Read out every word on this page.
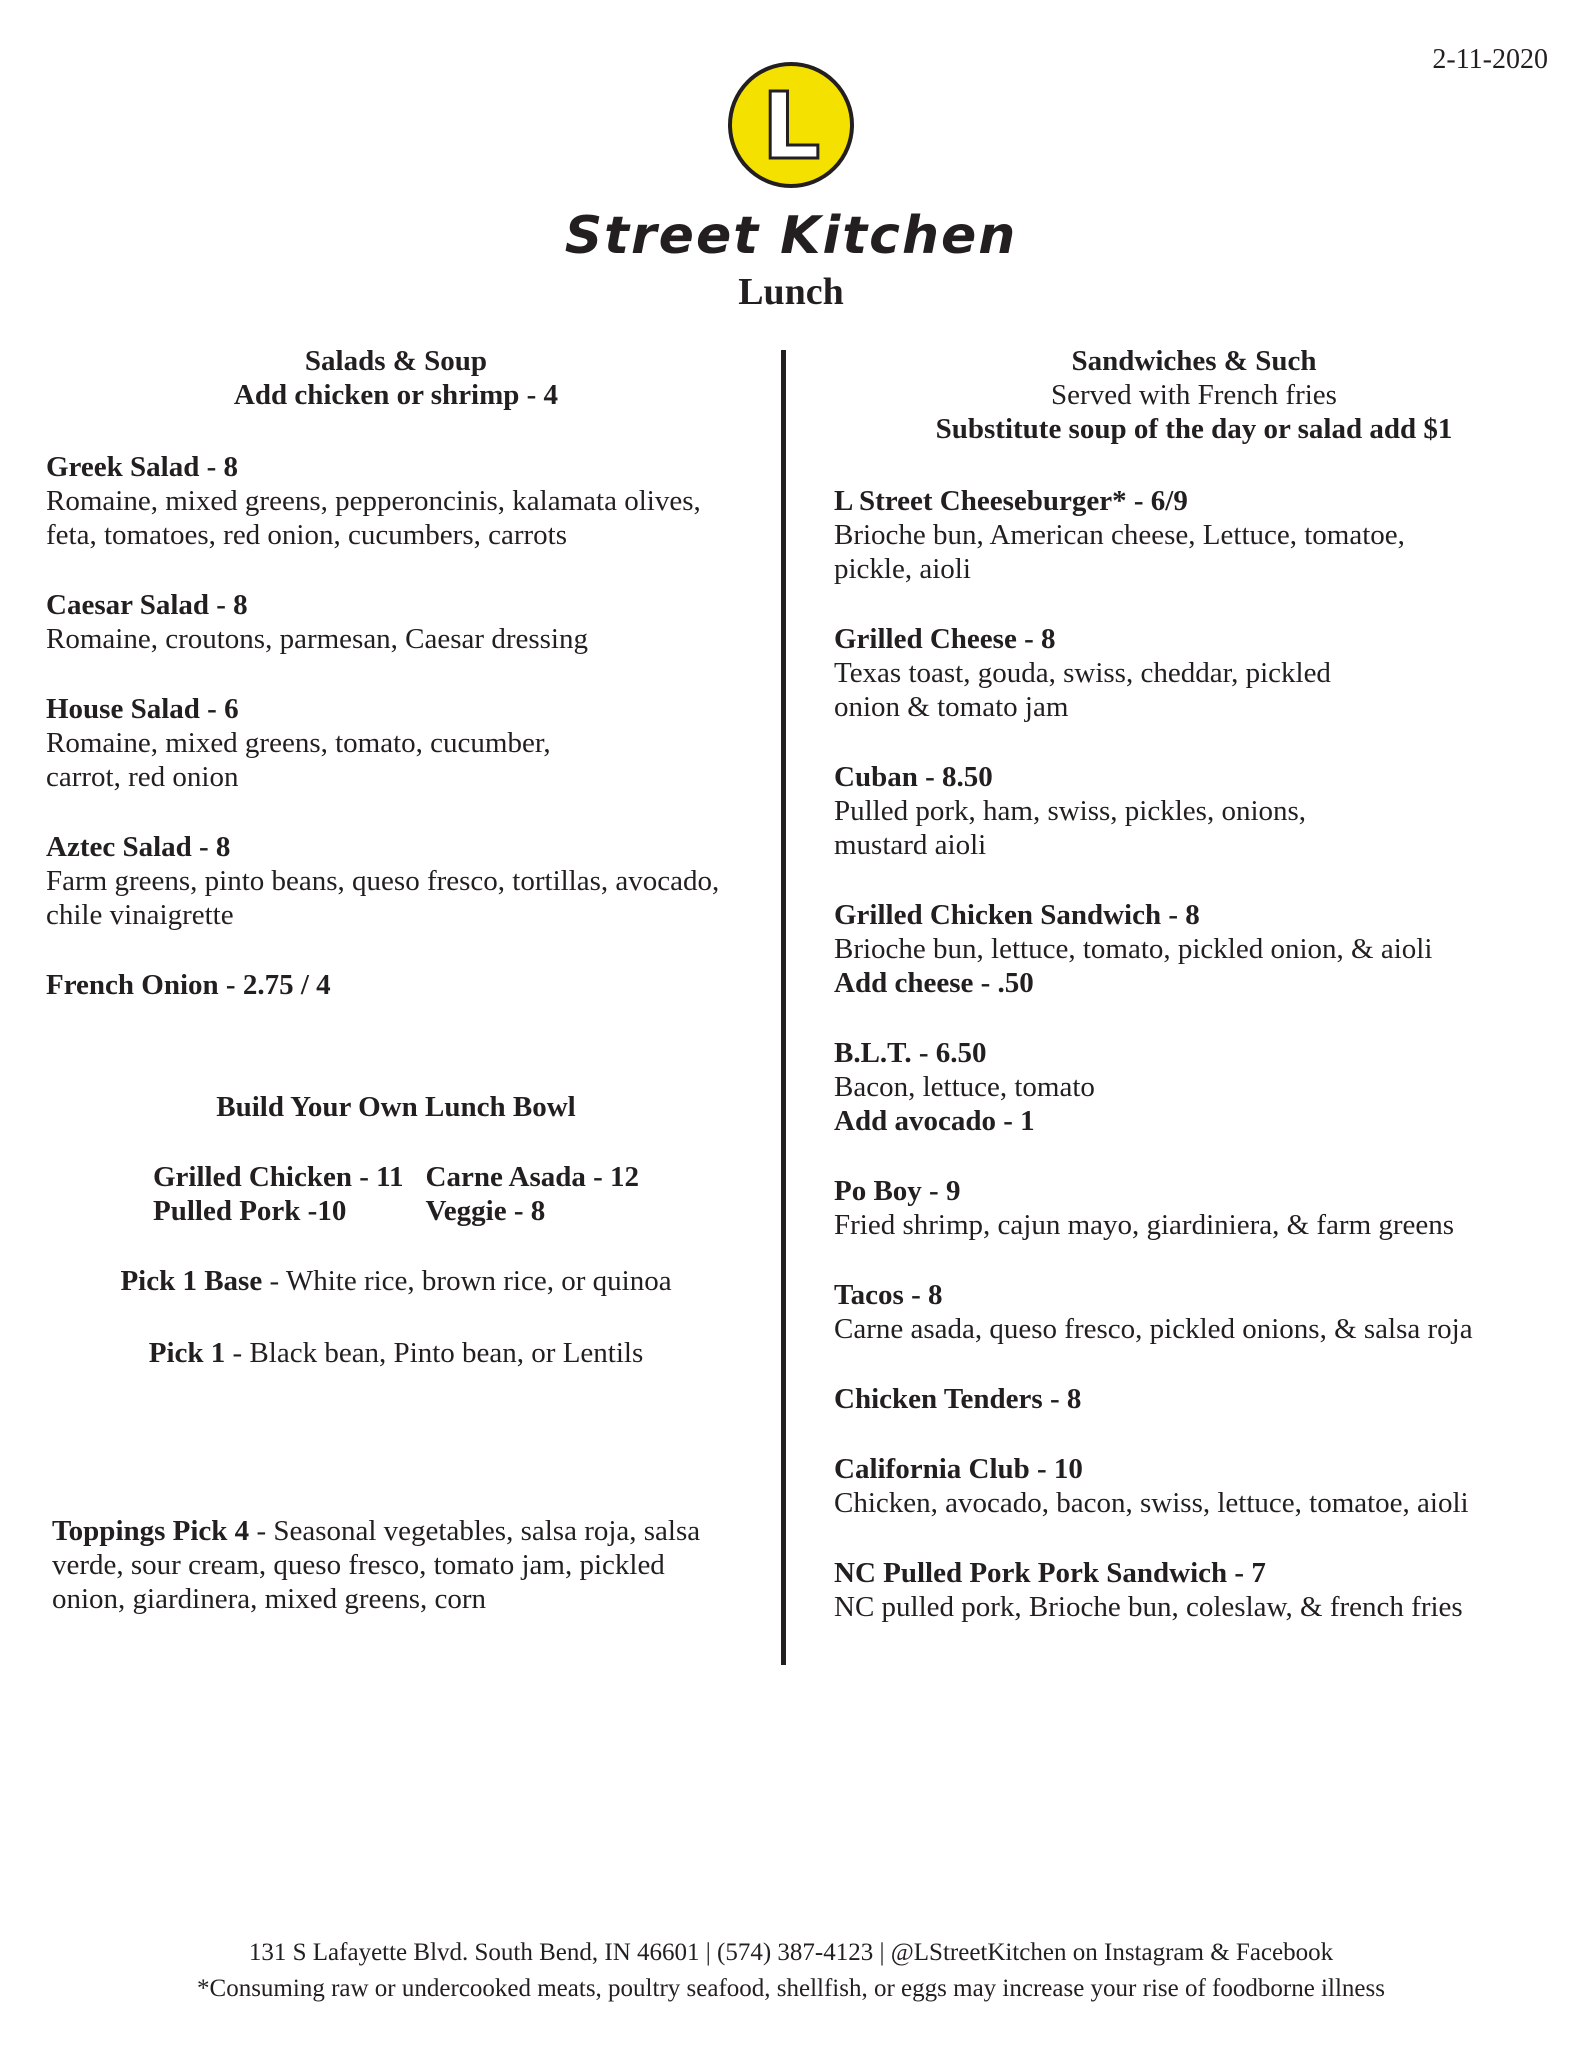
2-11-2020
L
Street Kitchen
Lunch
Salads & Soup
Add chicken or shrimp - 4
Greek Salad - 8
Romaine, mixed greens, pepperoncinis, kalamata olives, feta, tomatoes, red onion, cucumbers, carrots
Caesar Salad - 8
Romaine, croutons, parmesan, Caesar dressing
House Salad - 6
Romaine, mixed greens, tomato, cucumber, carrot, red onion
Aztec Salad - 8
Farm greens, pinto beans, queso fresco, tortillas, avocado, chile vinaigrette
French Onion - 2.75 / 4
Build Your Own Lunch Bowl
Grilled Chicken - 11 Carne Asada - 12
Pulled Pork -10	Veggie - 8
Pick 1 Base - White rice, brown rice, or quinoa
Pick 1 - Black bean, Pinto bean, or Lentils
Toppings Pick 4 - Seasonal vegetables, salsa roja, salsa verde, sour cream, queso fresco, tomato jam, pickled onion, giardinera, mixed greens, corn
Sandwiches & Such
Served with French fries
Substitute soup of the day or salad add $1
L Street Cheeseburger* - 6/9
Brioche bun, American cheese, Lettuce, tomatoe, pickle, aioli
Grilled Cheese - 8
Texas toast, gouda, swiss, cheddar, pickled onion & tomato jam
Cuban - 8.50
Pulled pork, ham, swiss, pickles, onions, mustard aioli
Grilled Chicken Sandwich - 8
Brioche bun, lettuce, tomato, pickled onion, & aioli
Add cheese - .50
B.L.T. - 6.50
Bacon, lettuce, tomato
Add avocado - 1
Po Boy - 9
Fried shrimp, cajun mayo, giardiniera, & farm greens
Tacos - 8
Carne asada, queso fresco, pickled onions, & salsa roja
Chicken Tenders - 8
California Club - 10
Chicken, avocado, bacon, swiss, lettuce, tomatoe, aioli
NC Pulled Pork Pork Sandwich - 7
NC pulled pork, Brioche bun, coleslaw, & french fries
131 S Lafayette Blvd. South Bend, IN 46601 | (574) 387-4123 | @LStreetKitchen on Instagram & Facebook
*Consuming raw or undercooked meats, poultry seafood, shellfish, or eggs may increase your rise of foodborne illness
